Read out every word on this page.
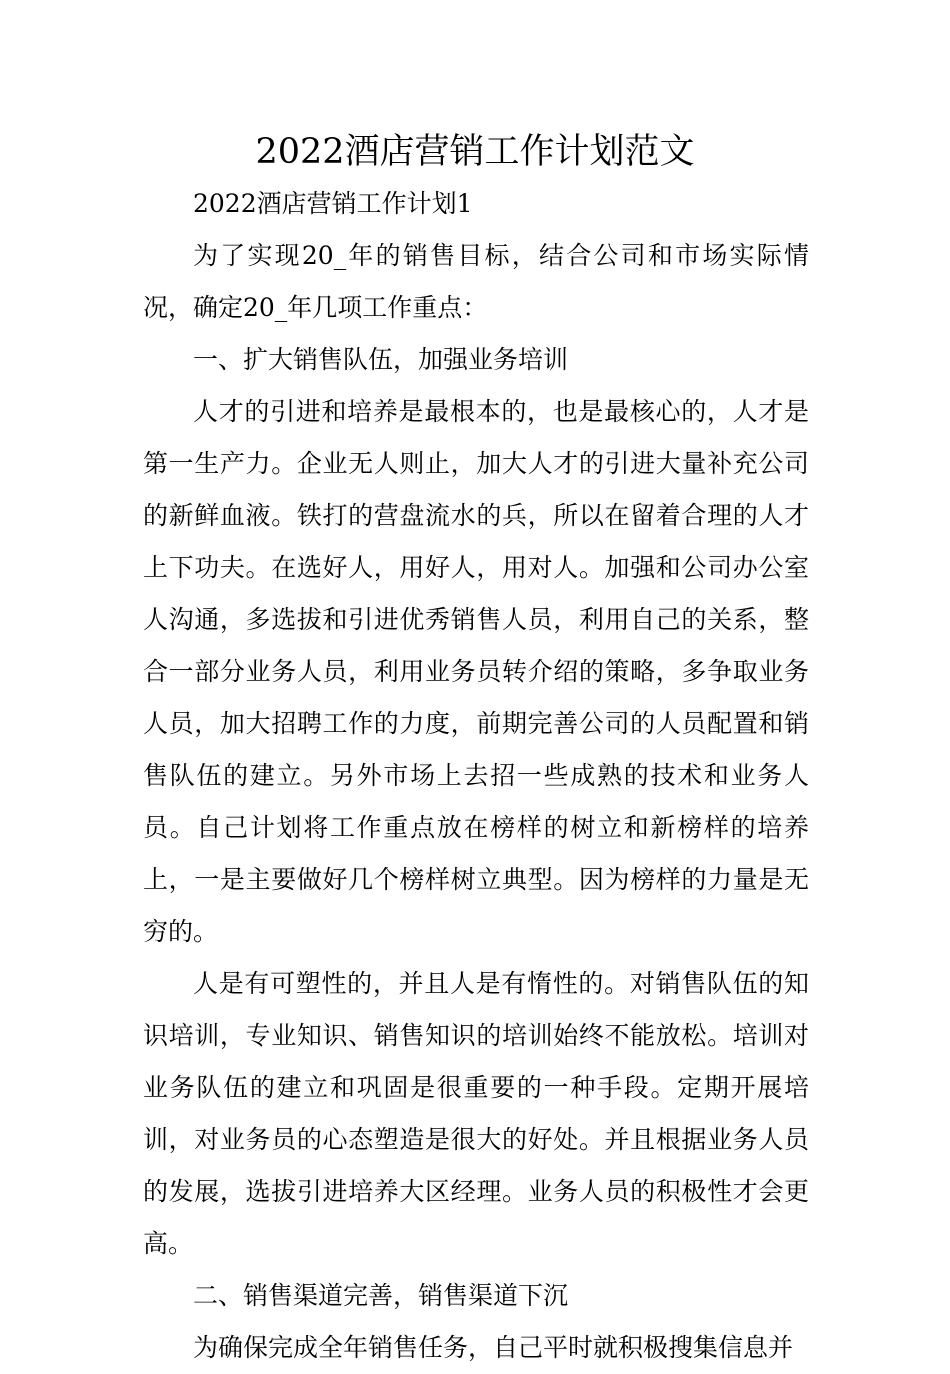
2022酒店营销工作计划范文

2022酒店营销工作计划1

为了实现20_年的销售目标，结合公司和市场实际情况，确定20_年几项工作重点：

一、扩大销售队伍，加强业务培训

人才的引进和培养是最根本的，也是最核心的，人才是第一生产力。企业无人则止，加大人才的引进大量补充公司的新鲜血液。铁打的营盘流水的兵，所以在留着合理的人才上下功夫。在选好人，用好人，用对人。加强和公司办公室人沟通，多选拔和引进优秀销售人员，利用自己的关系，整合一部分业务人员，利用业务员转介绍的策略，多争取业务人员，加大招聘工作的力度，前期完善公司的人员配置和销售队伍的建立。另外市场上去招一些成熟的技术和业务人员。自己计划将工作重点放在榜样的树立和新榜样的培养上，一是主要做好几个榜样树立典型。因为榜样的力量是无穷的。

人是有可塑性的，并且人是有惰性的。对销售队伍的知识培训，专业知识、销售知识的培训始终不能放松。培训对业务队伍的建立和巩固是很重要的一种手段。定期开展培训，对业务员的心态塑造是很大的好处。并且根据业务人员的发展，选拔引进培养大区经理。业务人员的积极性才会更高。

二、销售渠道完善，销售渠道下沉

为确保完成全年销售任务，自己平时就积极搜集信息并
